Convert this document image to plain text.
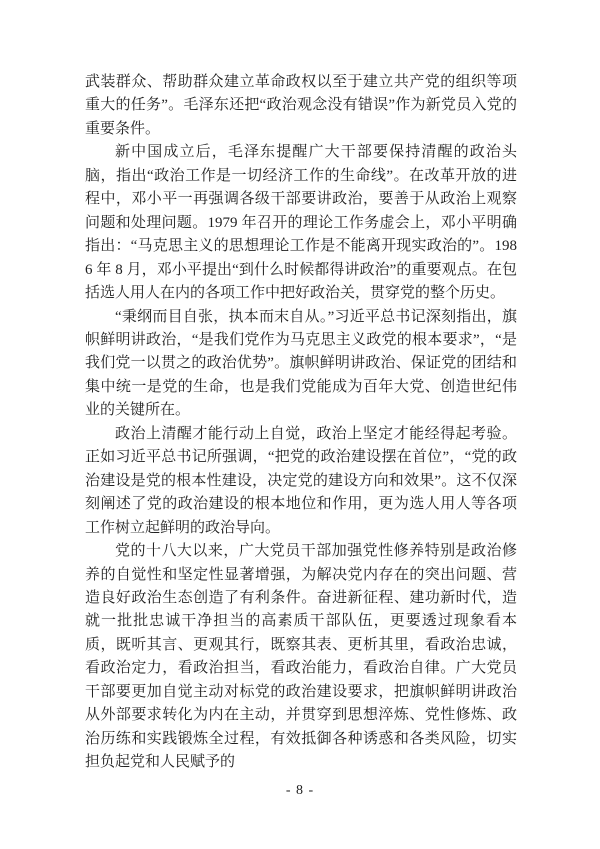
武装群众、帮助群众建立革命政权以至于建立共产党的组织等项重大的任务”。毛泽东还把“政治观念没有错误”作为新党员入党的重要条件。

新中国成立后，毛泽东提醒广大干部要保持清醒的政治头脑，指出“政治工作是一切经济工作的生命线”。在改革开放的进程中，邓小平一再强调各级干部要讲政治，要善于从政治上观察问题和处理问题。1979 年召开的理论工作务虚会上，邓小平明确指出：“马克思主义的思想理论工作是不能离开现实政治的”。1986 年 8 月，邓小平提出“到什么时候都得讲政治”的重要观点。在包括选人用人在内的各项工作中把好政治关，贯穿党的整个历史。

“秉纲而目自张，执本而末自从。”习近平总书记深刻指出，旗帜鲜明讲政治，“是我们党作为马克思主义政党的根本要求”，“是我们党一以贯之的政治优势”。旗帜鲜明讲政治、保证党的团结和集中统一是党的生命，也是我们党能成为百年大党、创造世纪伟业的关键所在。

政治上清醒才能行动上自觉，政治上坚定才能经得起考验。正如习近平总书记所强调，“把党的政治建设摆在首位”，“党的政治建设是党的根本性建设，决定党的建设方向和效果”。这不仅深刻阐述了党的政治建设的根本地位和作用，更为选人用人等各项工作树立起鲜明的政治导向。

党的十八大以来，广大党员干部加强党性修养特别是政治修养的自觉性和坚定性显著增强，为解决党内存在的突出问题、营造良好政治生态创造了有利条件。奋进新征程、建功新时代，造就一批批忠诚干净担当的高素质干部队伍，更要透过现象看本质，既听其言、更观其行，既察其表、更析其里，看政治忠诚，看政治定力，看政治担当，看政治能力，看政治自律。广大党员干部要更加自觉主动对标党的政治建设要求，把旗帜鲜明讲政治从外部要求转化为内在主动，并贯穿到思想淬炼、党性修炼、政治历练和实践锻炼全过程，有效抵御各种诱惑和各类风险，切实担负起党和人民赋予的

- 8 -
